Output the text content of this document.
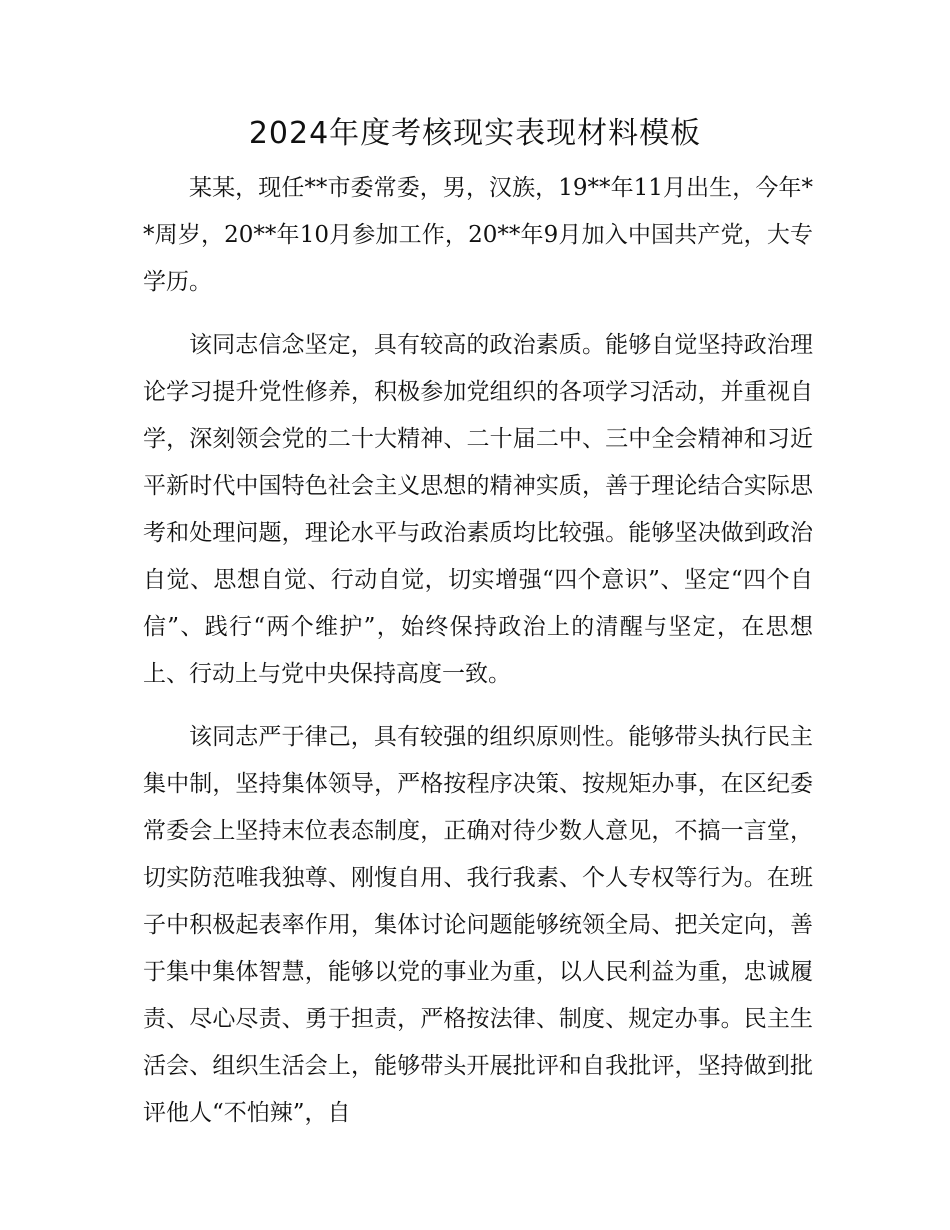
2024年度考核现实表现材料模板

某某，现任**市委常委，男，汉族，19**年11月出生，今年**周岁，20**年10月参加工作，20**年9月加入中国共产党，大专学历。

该同志信念坚定，具有较高的政治素质。能够自觉坚持政治理论学习提升党性修养，积极参加党组织的各项学习活动，并重视自学，深刻领会党的二十大精神、二十届二中、三中全会精神和习近平新时代中国特色社会主义思想的精神实质，善于理论结合实际思考和处理问题，理论水平与政治素质均比较强。能够坚决做到政治自觉、思想自觉、行动自觉，切实增强“四个意识”、坚定“四个自信”、践行“两个维护”，始终保持政治上的清醒与坚定，在思想上、行动上与党中央保持高度一致。

该同志严于律己，具有较强的组织原则性。能够带头执行民主集中制，坚持集体领导，严格按程序决策、按规矩办事，在区纪委常委会上坚持末位表态制度，正确对待少数人意见，不搞一言堂，切实防范唯我独尊、刚愎自用、我行我素、个人专权等行为。在班子中积极起表率作用，集体讨论问题能够统领全局、把关定向，善于集中集体智慧，能够以党的事业为重，以人民利益为重，忠诚履责、尽心尽责、勇于担责，严格按法律、制度、规定办事。民主生活会、组织生活会上，能够带头开展批评和自我批评，坚持做到批评他人“不怕辣”，自
